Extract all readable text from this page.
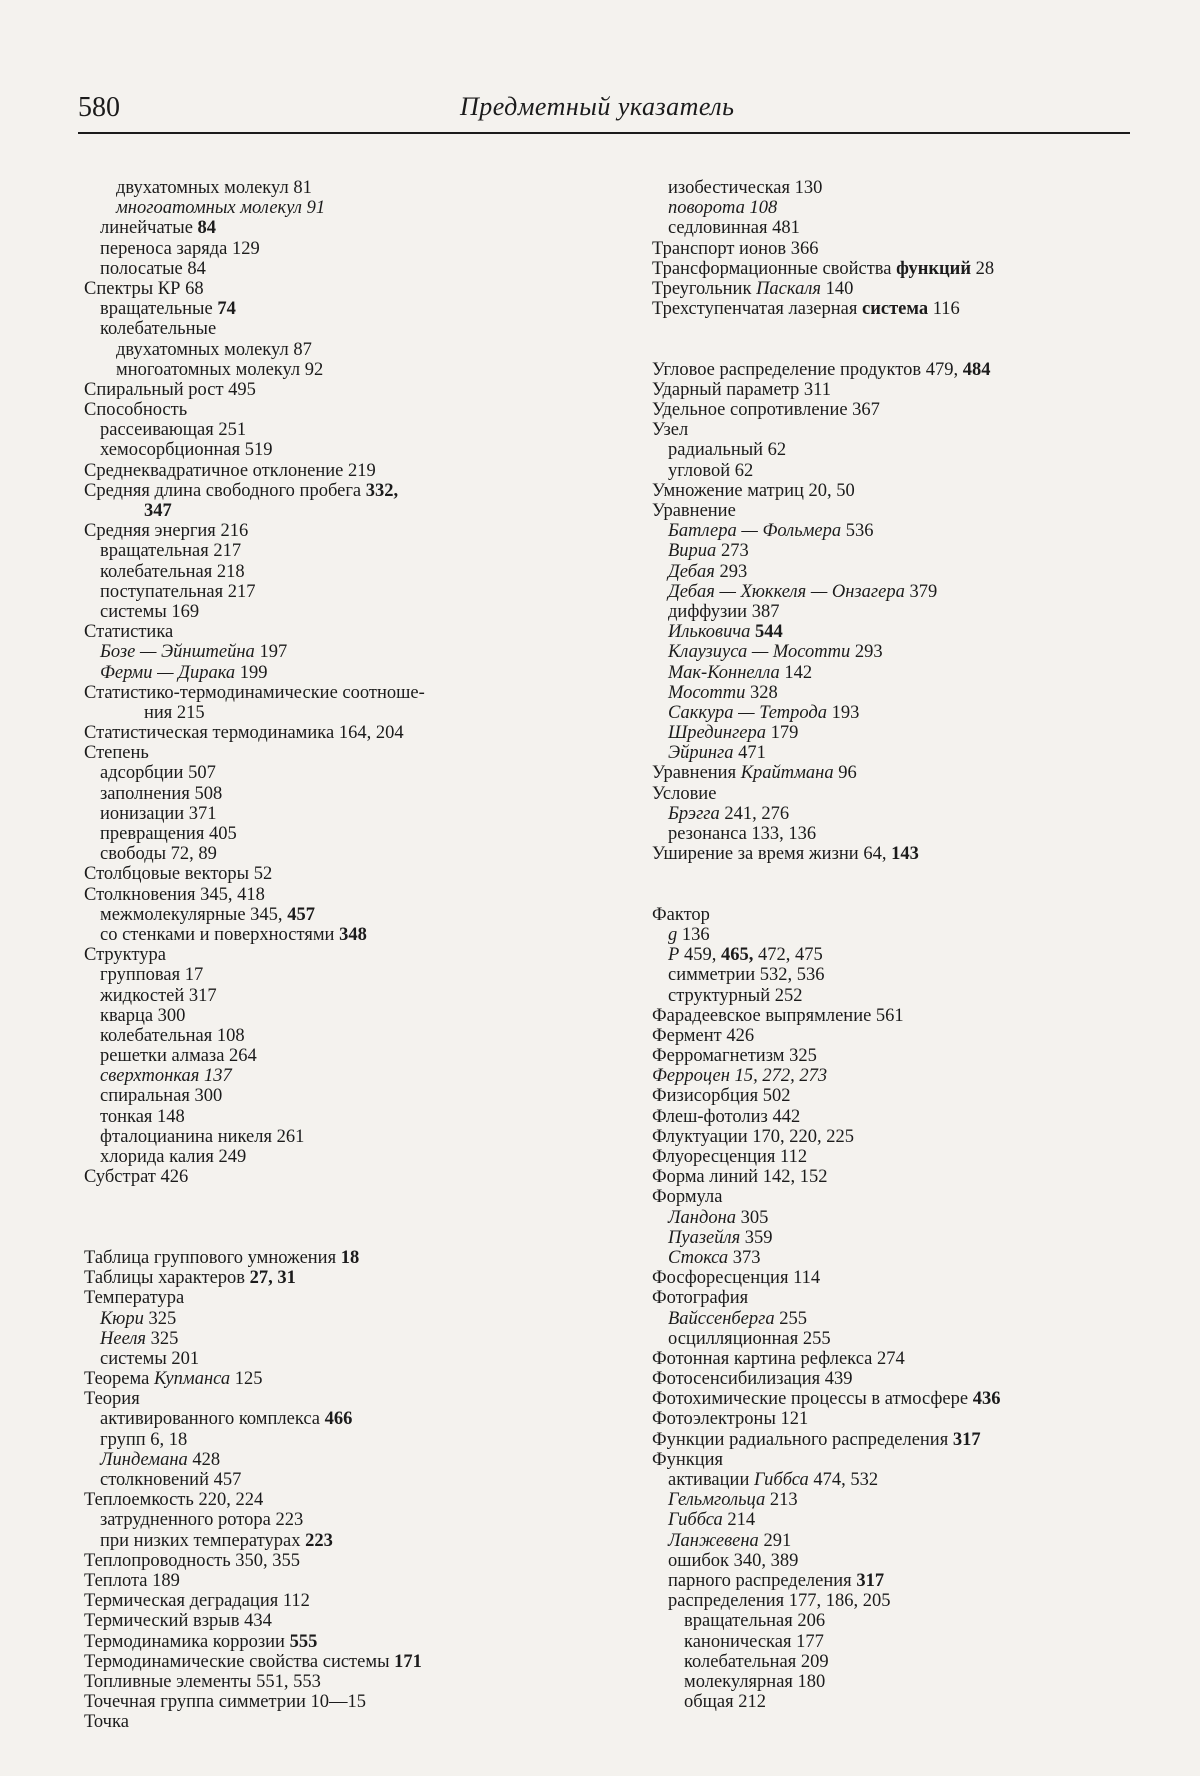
580	Предметный указатель
двухатомных молекул 81
многоатомных молекул 91
линейчатые 84
переноса заряда 129
полосатые 84
Спектры КР 68
вращательные 74
колебательные
двухатомных молекул 87
многоатомных молекул 92
Спиральный рост 495
Способность
рассеивающая 251
хемосорбционная 519
Среднеквадратичное отклонение 219
Средняя длина свободного пробега 332,
347
Средняя энергия 216
вращательная 217
колебательная 218
поступательная 217
системы 169
Статистика
Бозе — Эйнштейна 197
Ферми — Дирака 199
Статистико-термодинамические соотноше-
ния 215
Статистическая термодинамика 164, 204
Степень
адсорбции 507
заполнения 508
ионизации 371
превращения 405
свободы 72, 89
Столбцовые векторы 52
Столкновения 345, 418
межмолекулярные 345, 457
со стенками и поверхностями 348
Структура
групповая 17
жидкостей 317
кварца 300
колебательная 108
решетки алмаза 264
сверхтонкая 137
спиральная 300
тонкая 148
фталоцианина никеля 261
хлорида калия 249
Субстрат 426
Таблица группового умножения 18
Таблицы характеров 27, 31
Температура
Кюри 325
Нееля 325
системы 201
Теорема Купманса 125
Теория
активированного комплекса 466
групп 6, 18
Линдемана 428
столкновений 457
Теплоемкость 220, 224
затрудненного ротора 223
при низких температурах 223
Теплопроводность 350, 355
Теплота 189
Термическая деградация 112
Термический взрыв 434
Термодинамика коррозии 555
Термодинамические свойства системы 171
Топливные элементы 551, 553
Точечная группа симметрии 10—15
Точка
изобестическая 130
поворота 108
седловинная 481
Транспорт ионов 366
Трансформационные свойства функций 28
Треугольник Паскаля 140
Трехступенчатая лазерная система 116
Угловое распределение продуктов 479, 484
Ударный параметр 311
Удельное сопротивление 367
Узел
радиальный 62
угловой 62
Умножение матриц 20, 50
Уравнение
Батлера — Фольмера 536
Вириа 273
Дебая 293
Дебая — Хюккеля — Онзагера 379
диффузии 387
Ильковича 544
Клаузиуса — Мосотти 293
Мак-Коннелла 142
Мосотти 328
Саккура — Тетрода 193
Шредингера 179
Эйринга 471
Уравнения Крайтмана 96
Условие
Брэгга 241, 276
резонанса 133, 136
Уширение за время жизни 64, 143
Фактор
g 136
P 459, 465, 472, 475
симметрии 532, 536
структурный 252
Фарадеевское выпрямление 561
Фермент 426
Ферромагнетизм 325
Ферроцен 15, 272, 273
Физисорбция 502
Флеш-фотолиз 442
Флуктуации 170, 220, 225
Флуоресценция 112
Форма линий 142, 152
Формула
Ландона 305
Пуазейля 359
Стокса 373
Фосфоресценция 114
Фотография
Вайссенберга 255
осцилляционная 255
Фотонная картина рефлекса 274
Фотосенсибилизация 439
Фотохимические процессы в атмосфере 436
Фотоэлектроны 121
Функции радиального распределения 317
Функция
активации Гиббса 474, 532
Гельмгольца 213
Гиббса 214
Ланжевена 291
ошибок 340, 389
парного распределения 317
распределения 177, 186, 205
вращательная 206
каноническая 177
колебательная 209
молекулярная 180
общая 212
